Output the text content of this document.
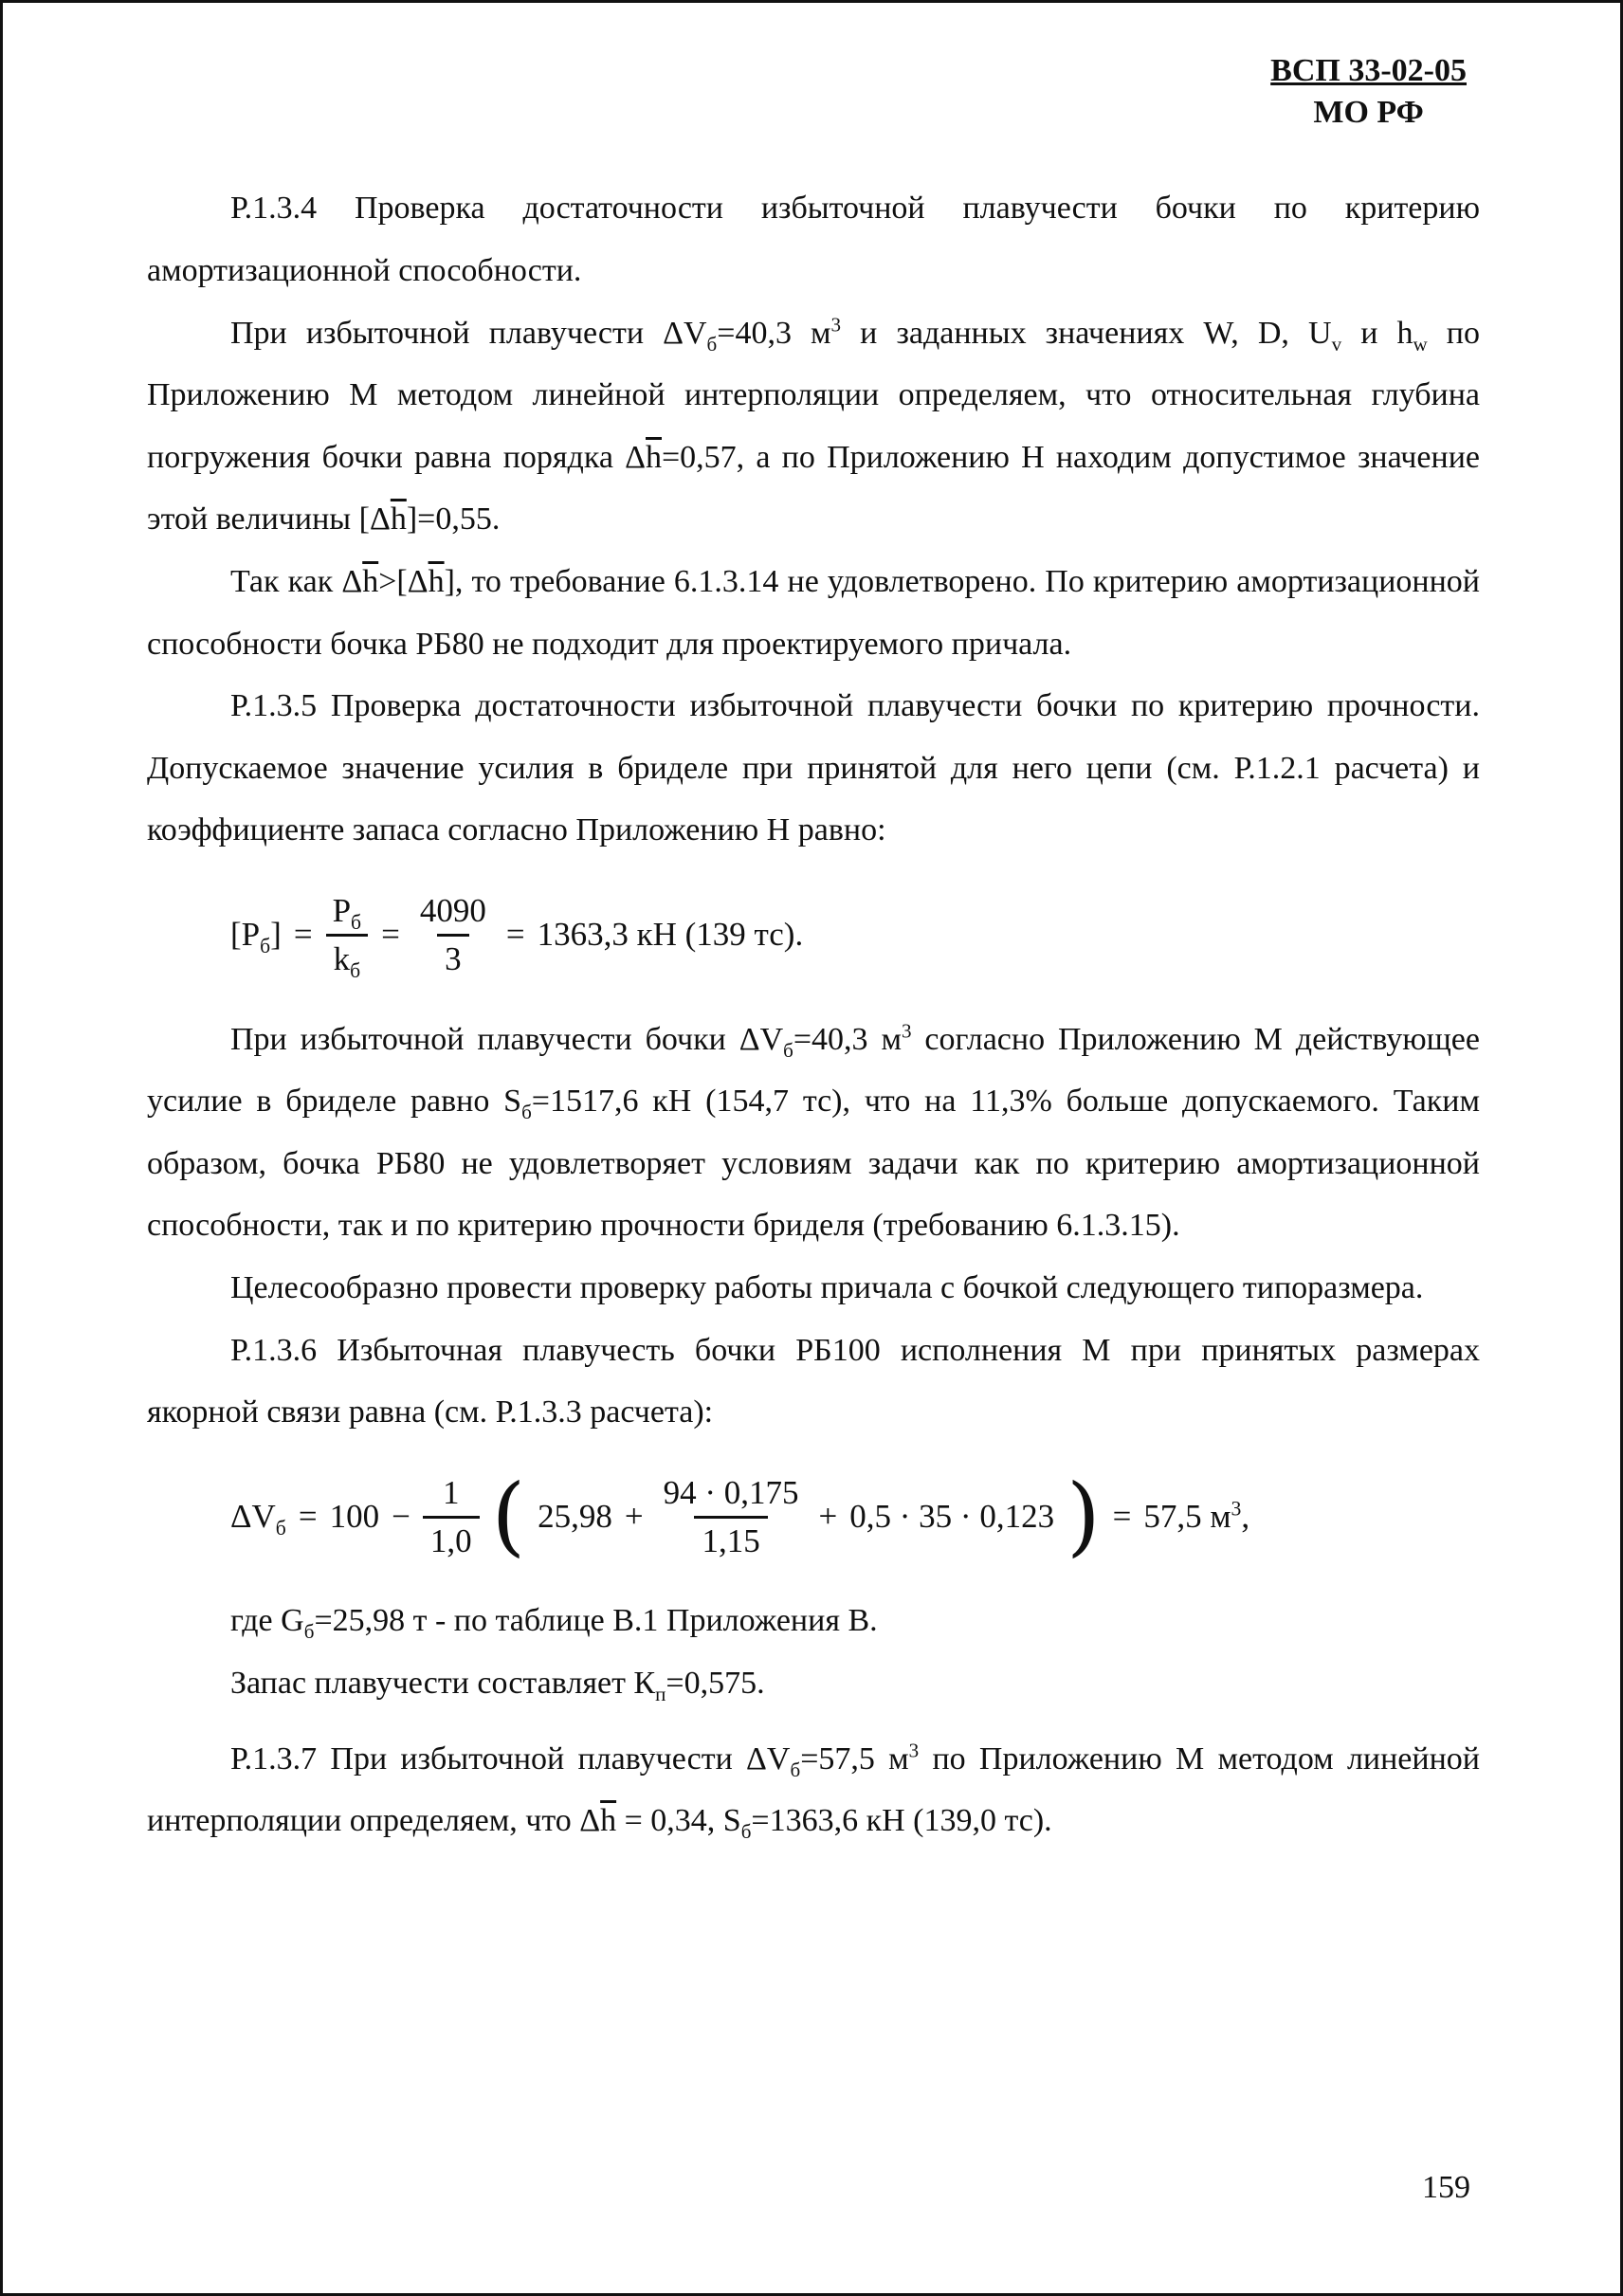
ВСП 33-02-05
МО РФ

Р.1.3.4 Проверка достаточности избыточной плавучести бочки по критерию амортизационной способности.

При избыточной плавучести $\Delta V_б=40,3$ $м^3$ и заданных значениях W, D, $U_v$ и $h_w$ по Приложению М методом линейной интерполяции определяем, что относительная глубина погружения бочки равна порядка $\Delta\overline{h}=0,57$, а по Приложению Н находим допустимое значение этой величины $[\Delta\overline{h}]=0,55$.

Так как $\Delta\overline{h}>[\Delta\overline{h}]$, то требование 6.1.3.14 не удовлетворено. По критерию амортизационной способности бочка РБ80 не подходит для проектируемого причала.

Р.1.3.5 Проверка достаточности избыточной плавучести бочки по критерию прочности. Допускаемое значение усилия в бриделе при принятой для него цепи (см. Р.1.2.1 расчета) и коэффициенте запаса согласно Приложению Н равно:

$[P_б] = \frac{P_б}{k_б} = \frac{4090}{3} = 1363,3$ кН (139 тс).

При избыточной плавучести бочки $\Delta V_б=40,3$ $м^3$ согласно Приложению М действующее усилие в бриделе равно $S_б=1517,6$ кН (154,7 тс), что на 11,3% больше допускаемого. Таким образом, бочка РБ80 не удовлетворяет условиям задачи как по критерию амортизационной способности, так и по критерию прочности бриделя (требованию 6.1.3.15).

Целесообразно провести проверку работы причала с бочкой следующего типоразмера.

Р.1.3.6 Избыточная плавучесть бочки РБ100 исполнения М при принятых размерах якорной связи равна (см. Р.1.3.3 расчета):

$\Delta V_б = 100 - \frac{1}{1,0}$ ( $25,98 + \frac{94 \cdot 0,175}{1,15} + 0,5 \cdot 35 \cdot 0,123$ ) = 57,5 $м^3$,

где $G_б=25,98$ т - по таблице В.1 Приложения В.

Запас плавучести составляет $К_п=0,575$.

Р.1.3.7 При избыточной плавучести $\Delta V_б=57,5$ $м^3$ по Приложению М методом линейной интерполяции определяем, что $\Delta\overline{h} = 0,34$, $S_б=1363,6$ кН (139,0 тс).

159
